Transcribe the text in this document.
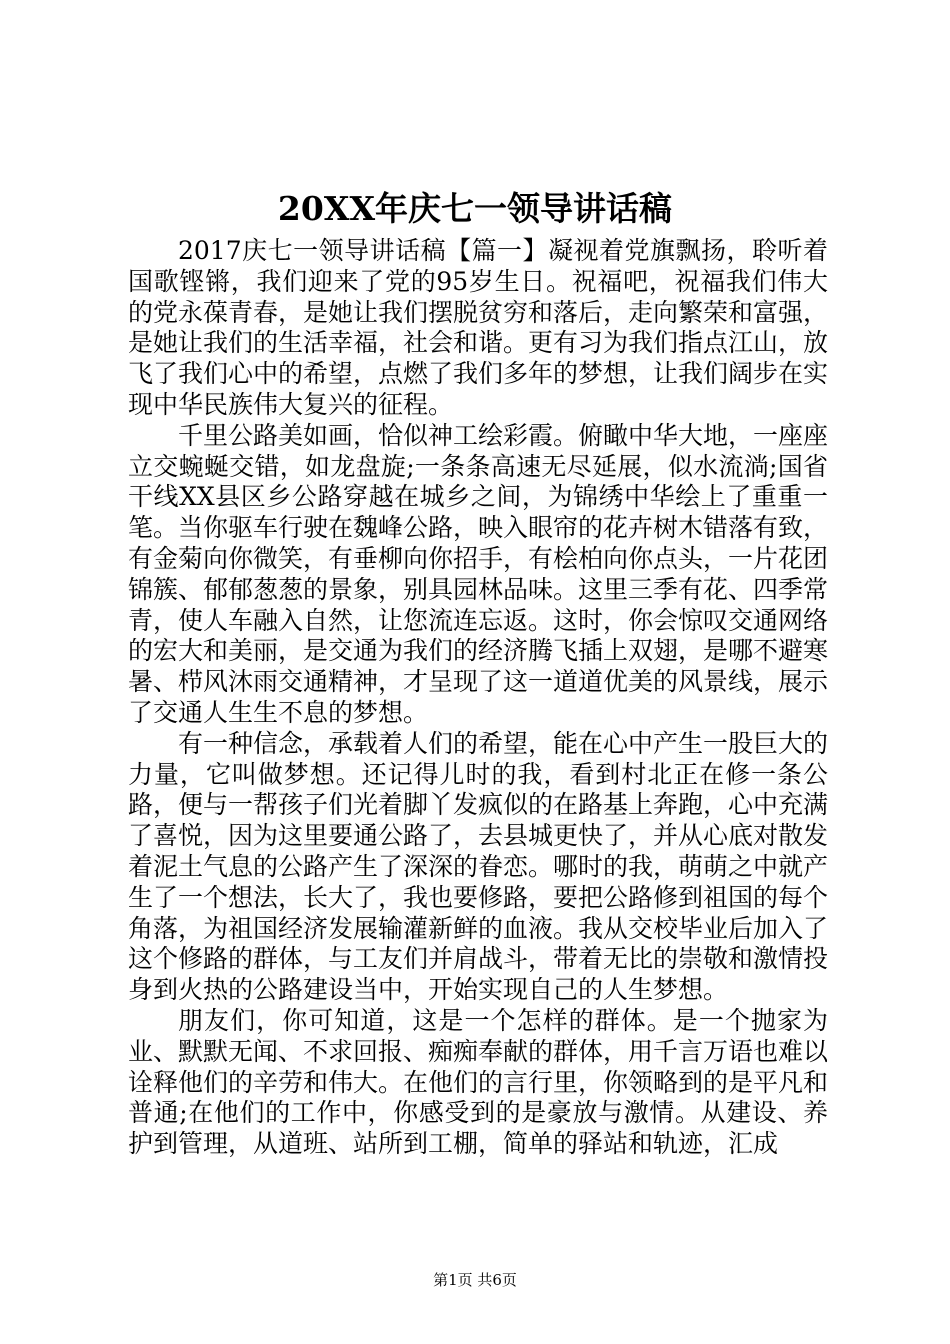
20XX年庆七一领导讲话稿

2017庆七一领导讲话稿【篇一】凝视着党旗飘扬，聆听着国歌铿锵，我们迎来了党的95岁生日。祝福吧，祝福我们伟大的党永葆青春，是她让我们摆脱贫穷和落后，走向繁荣和富强，是她让我们的生活幸福，社会和谐。更有习为我们指点江山，放飞了我们心中的希望，点燃了我们多年的梦想，让我们阔步在实现中华民族伟大复兴的征程。

千里公路美如画，恰似神工绘彩霞。俯瞰中华大地，一座座立交蜿蜒交错，如龙盘旋;一条条高速无尽延展，似水流淌;国省干线XX县区乡公路穿越在城乡之间，为锦绣中华绘上了重重一笔。当你驱车行驶在魏峰公路，映入眼帘的花卉树木错落有致，有金菊向你微笑，有垂柳向你招手，有桧柏向你点头，一片花团锦簇、郁郁葱葱的景象，别具园林品味。这里三季有花、四季常青，使人车融入自然，让您流连忘返。这时，你会惊叹交通网络的宏大和美丽，是交通为我们的经济腾飞插上双翅，是哪不避寒暑、栉风沐雨交通精神，才呈现了这一道道优美的风景线，展示了交通人生生不息的梦想。

有一种信念，承载着人们的希望，能在心中产生一股巨大的力量，它叫做梦想。还记得儿时的我，看到村北正在修一条公路，便与一帮孩子们光着脚丫发疯似的在路基上奔跑，心中充满了喜悦，因为这里要通公路了，去县城更快了，并从心底对散发着泥土气息的公路产生了深深的眷恋。哪时的我，萌萌之中就产生了一个想法，长大了，我也要修路，要把公路修到祖国的每个角落，为祖国经济发展输灌新鲜的血液。我从交校毕业后加入了这个修路的群体，与工友们并肩战斗，带着无比的崇敬和激情投身到火热的公路建设当中，开始实现自己的人生梦想。

朋友们，你可知道，这是一个怎样的群体。是一个抛家为业、默默无闻、不求回报、痴痴奉献的群体，用千言万语也难以诠释他们的辛劳和伟大。在他们的言行里，你领略到的是平凡和普通;在他们的工作中，你感受到的是豪放与激情。从建设、养护到管理，从道班、站所到工棚，简单的驿站和轨迹，汇成

第1页 共6页
